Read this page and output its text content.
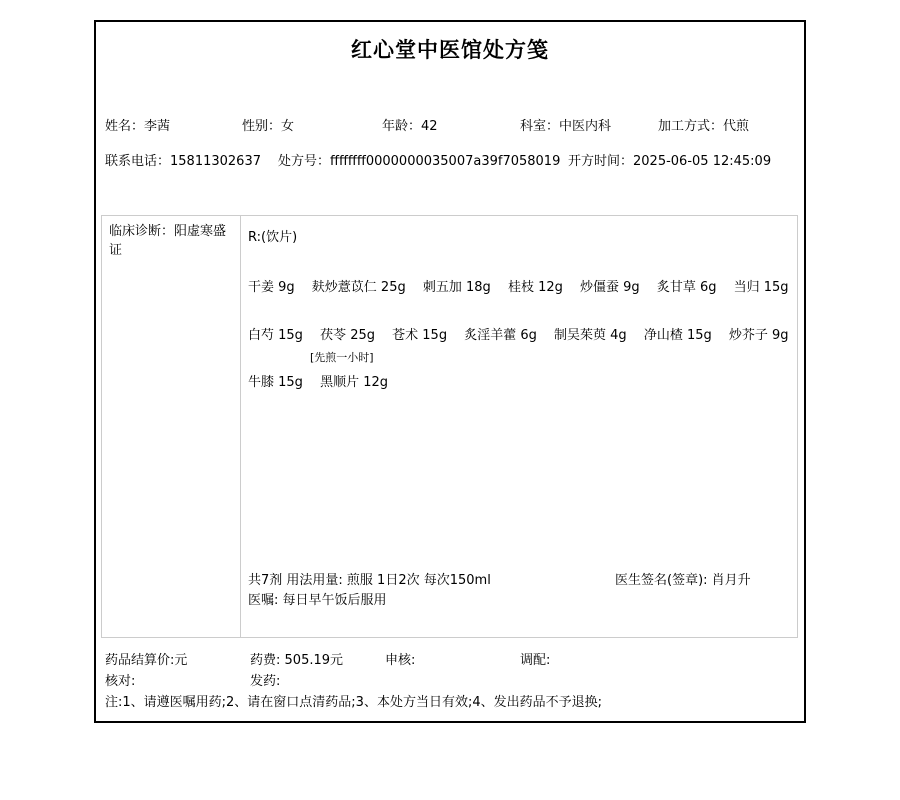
红心堂中医馆处方笺
姓名：李茜	性别：女	年龄：42	科室：中医内科	加工方式：代煎
联系电话：15811302637 处方号：ffffffff0000000035007a39f7058019 开方时间：2025-06-05 12:45:09
临床诊断：阳虚寒盛证
R:(饮片)
干姜 9g 麸炒薏苡仁 25g 刺五加 18g 桂枝 12g 炒僵蚕 9g 炙甘草 6g 当归 15g
白芍 15g 茯苓 25g 苍术 15g 炙淫羊藿 6g 制吴茱萸 4g 净山楂 15g 炒芥子 9g
[先煎一小时]
牛膝 15g 黑顺片 12g
共7剂 用法用量: 煎服 1日2次 每次150ml	医生签名(签章): 肖月升
医嘱: 每日早午饭后服用
药品结算价:元	药费: 505.19元	申核:	调配:
核对:	发药:
注:1、请遵医嘱用药;2、请在窗口点清药品;3、本处方当日有效;4、发出药品不予退换;
